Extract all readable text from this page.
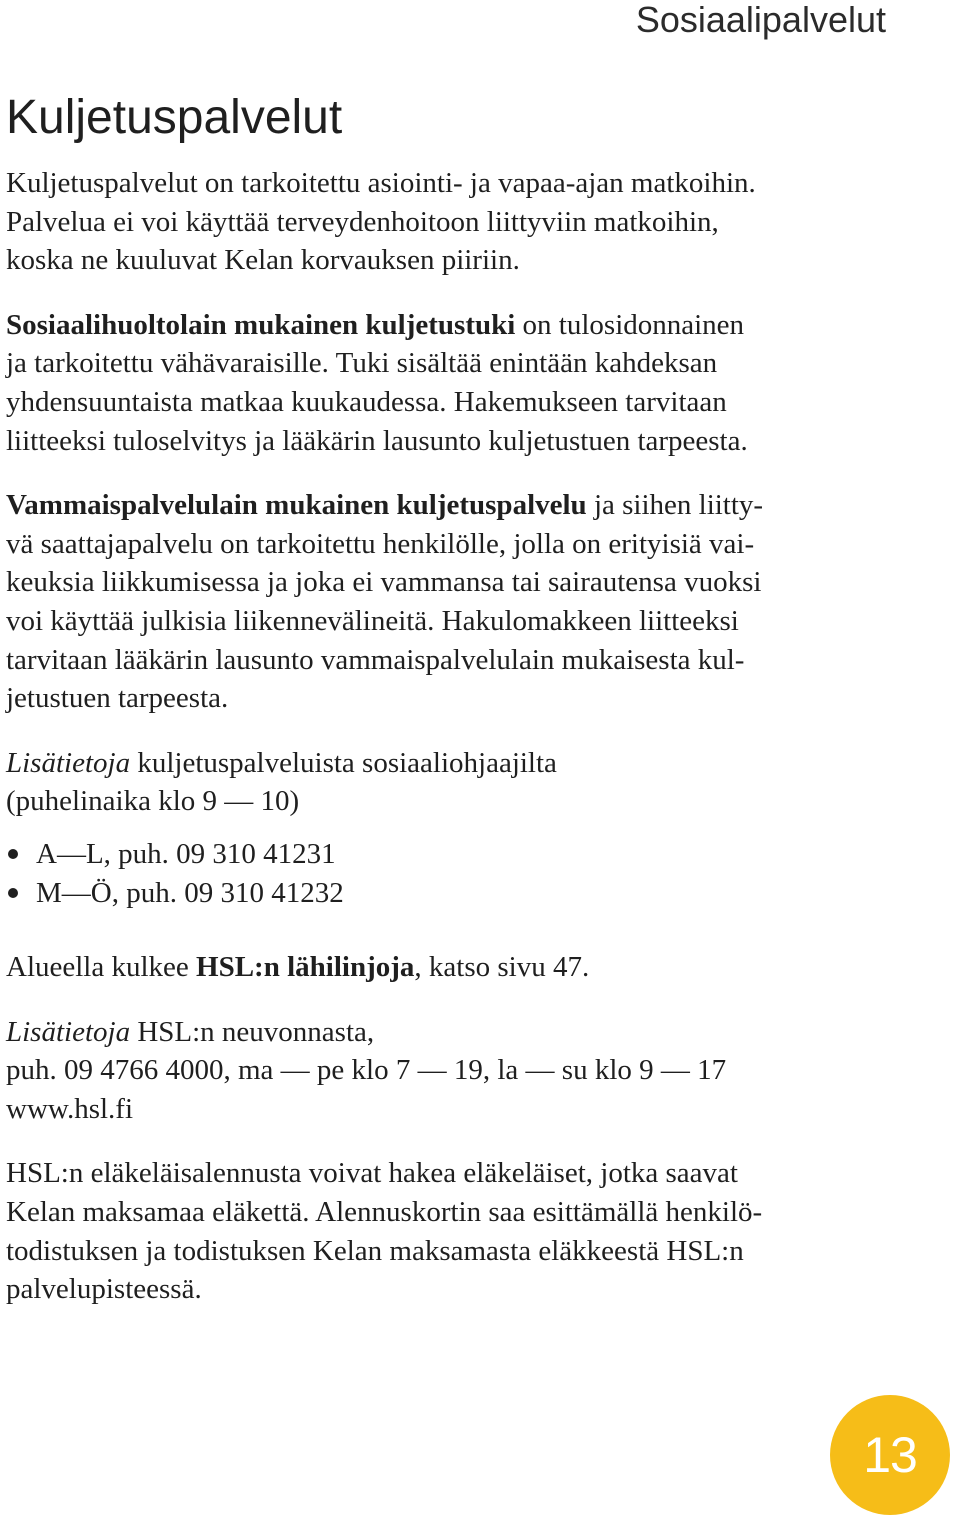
Sosiaalipalvelut
Kuljetuspalvelut

Kuljetuspalvelut on tarkoitettu asiointi- ja vapaa-ajan matkoihin.
Palvelua ei voi käyttää terveydenhoitoon liittyviin matkoihin,
koska ne kuuluvat Kelan korvauksen piiriin.

Sosiaalihuoltolain mukainen kuljetustuki on tulosidonnainen
ja tarkoitettu vähävaraisille. Tuki sisältää enintään kahdeksan
yhdensuuntaista matkaa kuukaudessa. Hakemukseen tarvitaan
liitteeksi tuloselvitys ja lääkärin lausunto kuljetustuen tarpeesta.

Vammaispalvelulain mukainen kuljetuspalvelu ja siihen liitty-
vä saattajapalvelu on tarkoitettu henkilölle, jolla on erityisiä vai-
keuksia liikkumisessa ja joka ei vammansa tai sairautensa vuoksi
voi käyttää julkisia liikennevälineitä. Hakulomakkeen liitteeksi
tarvitaan lääkärin lausunto vammaispalvelulain mukaisesta kul-
jetustuen tarpeesta.

Lisätietoja kuljetuspalveluista sosiaaliohjaajilta
(puhelinaika klo 9 — 10)

A—L, puh. 09 310 41231
M—Ö, puh. 09 310 41232

Alueella kulkee HSL:n lähilinjoja, katso sivu 47.

Lisätietoja HSL:n neuvonnasta,
puh. 09 4766 4000, ma — pe klo 7 — 19, la — su klo 9 — 17
www.hsl.fi

HSL:n eläkeläisalennusta voivat hakea eläkeläiset, jotka saavat
Kelan maksamaa eläkettä. Alennuskortin saa esittämällä henkilö-
todistuksen ja todistuksen Kelan maksamasta eläkkeestä HSL:n
palvelupisteessä.

13
